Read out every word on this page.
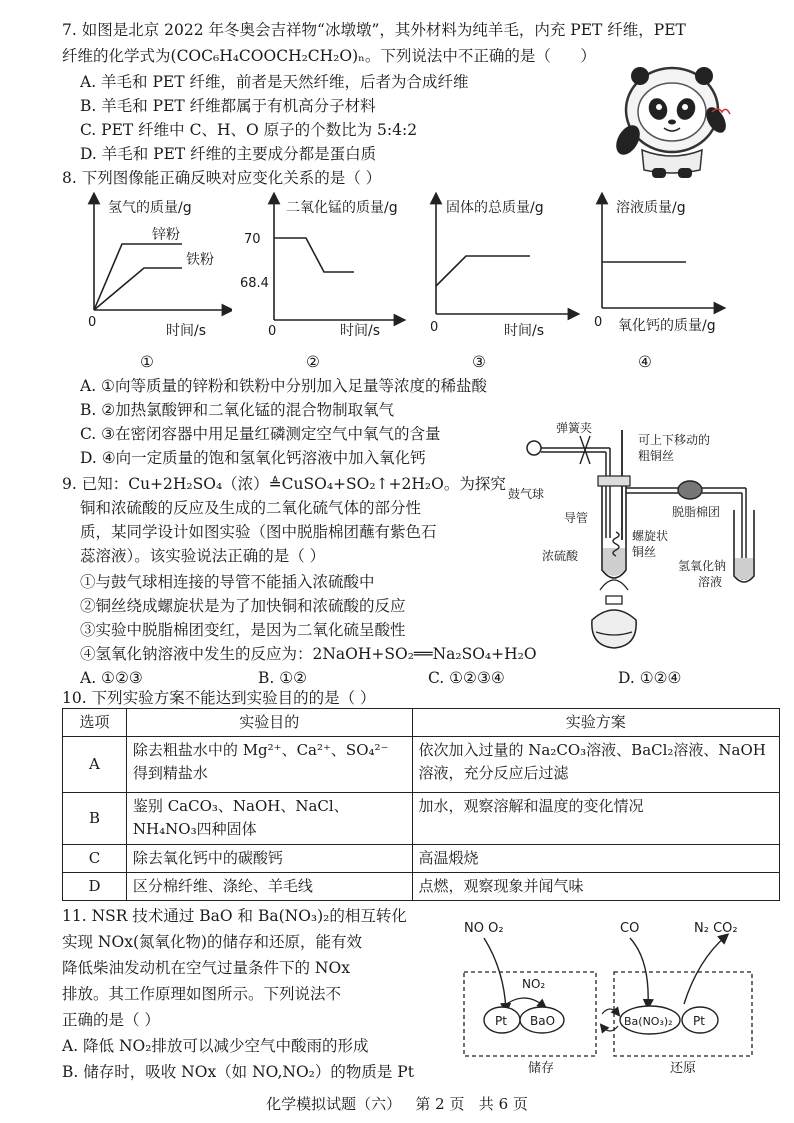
7. 如图是北京 2022 年冬奥会吉祥物“冰墩墩”，其外材料为纯羊毛，内充 PET 纤维，PET
纤维的化学式为(COC₆H₄COOCH₂CH₂O)ₙ。下列说法中不正确的是（      ）
A. 羊毛和 PET 纤维，前者是天然纤维，后者为合成纤维
B. 羊毛和 PET 纤维都属于有机高分子材料
C. PET 纤维中 C、H、O 原子的个数比为 5:4:2
D. 羊毛和 PET 纤维的主要成分都是蛋白质
8. 下列图像能正确反映对应变化关系的是（ ）
氢气的质量/g
锌粉
铁粉
0
时间/s
①
二氧化锰的质量/g
70
68.4
0	时间/s
②
固体的总质量/g
0	时间/s
③
溶液质量/g
0 氧化钙的质量/g
④
A. ①向等质量的锌粉和铁粉中分别加入足量等浓度的稀盐酸
B. ②加热氯酸钾和二氧化锰的混合物制取氧气
C. ③在密闭容器中用足量红磷测定空气中氧气的含量
D. ④向一定质量的饱和氢氧化钙溶液中加入氧化钙
9. 已知：Cu+2H₂SO₄（浓）≜CuSO₄+SO₂↑+2H₂O。为探究
铜和浓硫酸的反应及生成的二氧化硫气体的部分性
质，某同学设计如图实验（图中脱脂棉团蘸有紫色石
蕊溶液）。该实验说法正确的是（ ）
①与鼓气球相连接的导管不能插入浓硫酸中
②铜丝绕成螺旋状是为了加快铜和浓硫酸的反应
③实验中脱脂棉团变红，是因为二氧化硫呈酸性
④氢氧化钠溶液中发生的反应为：2NaOH+SO₂══Na₂SO₄+H₂O
A. ①②③	B. ①②	C. ①②③④	D. ①②④
弹簧夹
可上下移动的
粗铜丝
鼓气球
导管	脱脂棉团
螺旋状
铜丝
浓硫酸
氢氧化钠
溶液
10. 下列实验方案不能达到实验目的的是（ ）
选项	实验目的	实验方案
A	除去粗盐水中的 Mg²⁺、Ca²⁺、SO₄²⁻ 得到精盐水	依次加入过量的 Na₂CO₃溶液、BaCl₂溶液、NaOH 溶液，充分反应后过滤
B	鉴别 CaCO₃、NaOH、NaCl、NH₄NO₃四种固体	加水，观察溶解和温度的变化情况
C	除去氧化钙中的碳酸钙	高温煅烧
D	区分棉纤维、涤纶、羊毛线	点燃，观察现象并闻气味
11. NSR 技术通过 BaO 和 Ba(NO₃)₂的相互转化
实现 NOx(氮氧化物)的储存和还原，能有效
降低柴油发动机在空气过量条件下的 NOx
排放。其工作原理如图所示。下列说法不
正确的是（ ）
A. 降低 NO₂排放可以减少空气中酸雨的形成
B. 储存时，吸收 NOx（如 NO,NO₂）的物质是 Pt
NO O₂
NO₂
Pt BaO
储存
CO	N₂ CO₂
Ba(NO₃)₂ Pt
还原
化学模拟试题（六）   第 2 页   共 6 页
